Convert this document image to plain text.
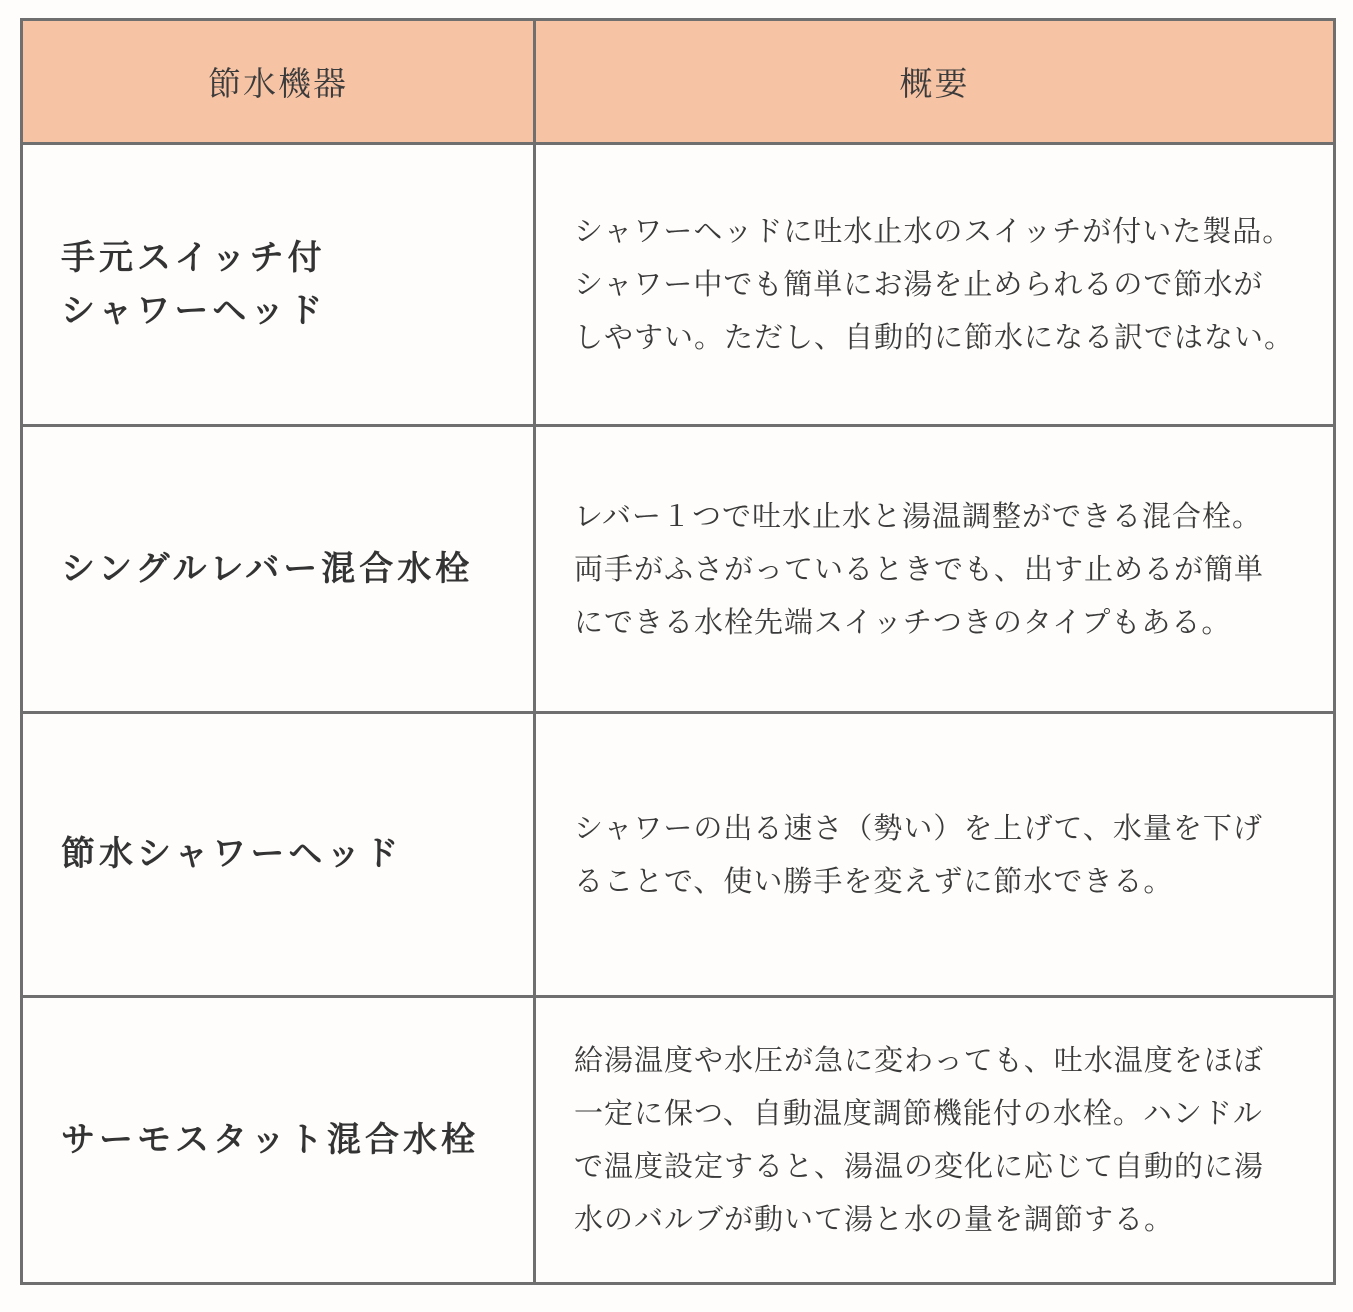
節水機器	概要

手元スイッチ付
シャワーヘッド	シャワーヘッドに吐水止水のスイッチが付いた製品。
シャワー中でも簡単にお湯を止められるので節水が
しやすい。ただし、自動的に節水になる訳ではない。

シングルレバー混合水栓	レバー１つで吐水止水と湯温調整ができる混合栓。
両手がふさがっているときでも、出す止めるが簡単
にできる水栓先端スイッチつきのタイプもある。

節水シャワーヘッド	シャワーの出る速さ（勢い）を上げて、水量を下げ
ることで、使い勝手を変えずに節水できる。

サーモスタット混合水栓	給湯温度や水圧が急に変わっても、吐水温度をほぼ
一定に保つ、自動温度調節機能付の水栓。ハンドル
で温度設定すると、湯温の変化に応じて自動的に湯
水のバルブが動いて湯と水の量を調節する。
